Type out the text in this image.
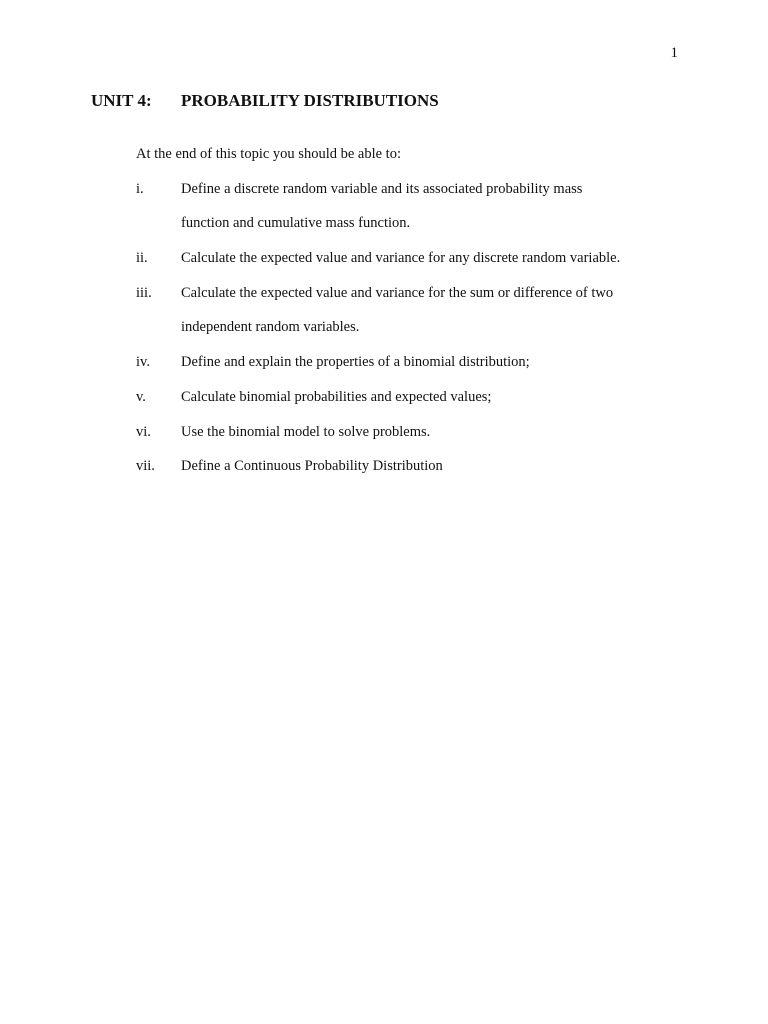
1
UNIT 4: PROBABILITY DISTRIBUTIONS
At the end of this topic you should be able to:
i.	Define a discrete random variable and its associated probability mass
function and cumulative mass function.
ii. Calculate the expected value and variance for any discrete random variable.
iii. Calculate the expected value and variance for the sum or difference of two
independent random variables.
iv. Define and explain the properties of a binomial distribution;
v. Calculate binomial probabilities and expected values;
vi. Use the binomial model to solve problems.
vii. Define a Continuous Probability Distribution
